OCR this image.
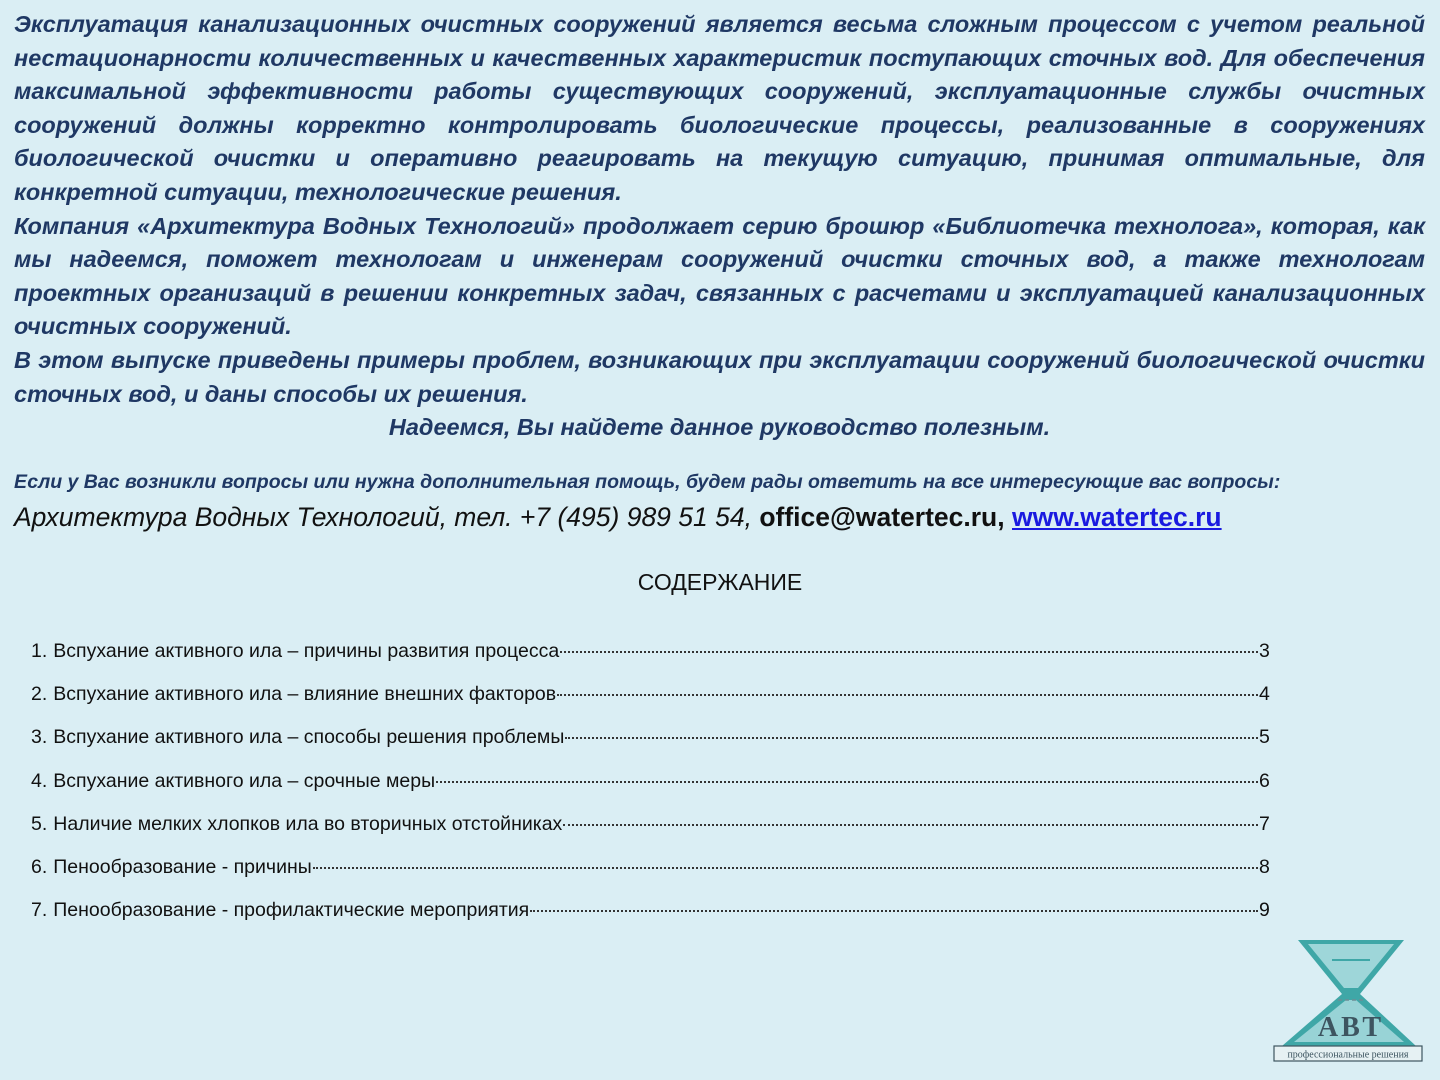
Эксплуатация канализационных очистных сооружений является весьма сложным процессом с учетом реальной нестационарности количественных и качественных характеристик поступающих сточных вод. Для обеспечения максимальной эффективности работы существующих сооружений, эксплуатационные службы очистных сооружений должны корректно контролировать биологические процессы, реализованные в сооружениях биологической очистки и оперативно реагировать на текущую ситуацию, принимая оптимальные, для конкретной ситуации, технологические решения.

Компания «Архитектура Водных Технологий» продолжает серию брошюр «Библиотечка технолога», которая, как мы надеемся, поможет технологам и инженерам сооружений очистки сточных вод, а также технологам проектных организаций в решении конкретных задач, связанных с расчетами и эксплуатацией канализационных очистных сооружений.

В этом выпуске приведены примеры проблем, возникающих при эксплуатации сооружений биологической очистки сточных вод, и даны способы их решения.

Надеемся, Вы найдете данное руководство полезным.

Если у Вас возникли вопросы или нужна дополнительная помощь, будем рады ответить на все интересующие вас вопросы:
Архитектура Водных Технологий, тел. +7 (495) 989 51 54, office@watertec.ru, www.watertec.ru
СОДЕРЖАНИЕ
1. Вспухание активного ила – причины развития процесса	3
2. Вспухание активного ила – влияние внешних факторов	4
3. Вспухание активного ила – способы решения проблемы	5
4. Вспухание активного ила – срочные меры	6
5. Наличие мелких хлопков ила во вторичных отстойниках	7
6. Пенообразование - причины	8
7. Пенообразование - профилактические мероприятия	9
АВТ
профессиональные решения
